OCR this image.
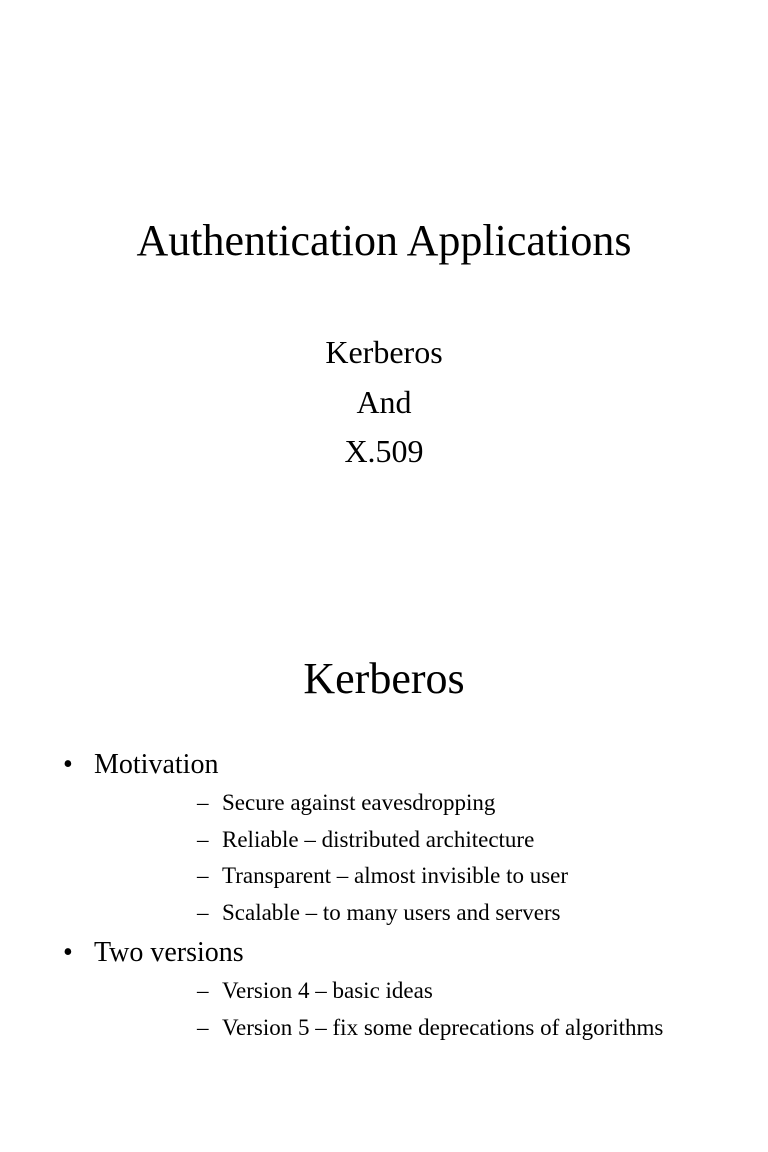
Authentication Applications
Kerberos
And
X.509
Kerberos
• Motivation
– Secure against eavesdropping
– Reliable – distributed architecture
– Transparent – almost invisible to user
– Scalable – to many users and servers
• Two versions
– Version 4 – basic ideas
– Version 5 – fix some deprecations of algorithms
